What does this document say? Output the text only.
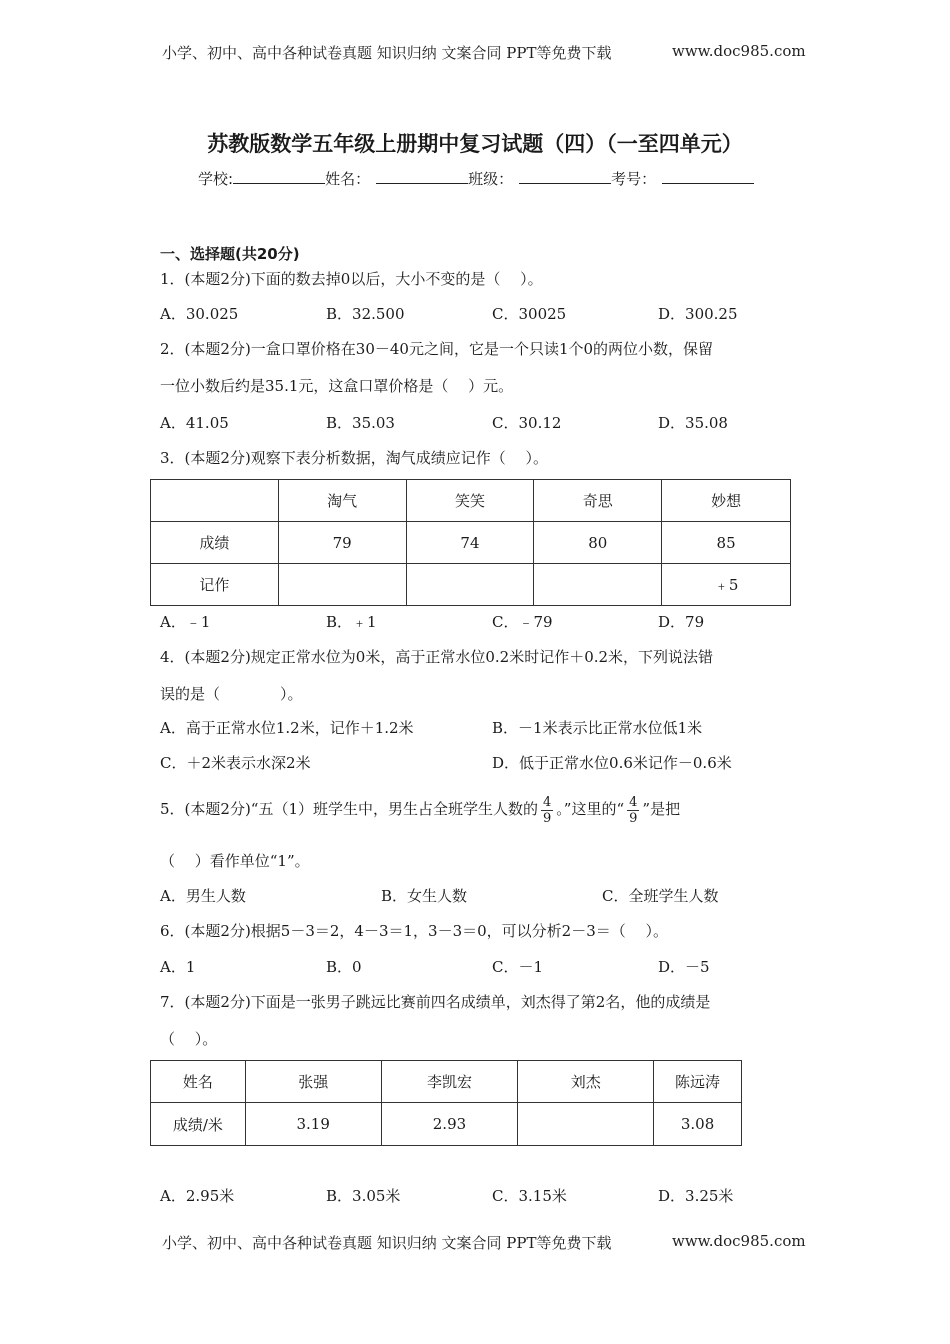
小学、初中、高中各种试卷真题 知识归纳 文案合同 PPT等免费下载	www.doc985.com
苏教版数学五年级上册期中复习试题（四）（一至四单元）
学校:	姓名：	班级：	考号：
一、选择题(共20分)
1．(本题2分)下面的数去掉0以后，大小不变的是（　 ）。
A．30.025	B．32.500	C．30025	D．300.25
2．(本题2分)一盒口罩价格在30－40元之间，它是一个只读1个0的两位小数，保留
一位小数后约是35.1元，这盒口罩价格是（　 ）元。
A．41.05	B．35.03	C．30.12	D．35.08
3．(本题2分)观察下表分析数据，淘气成绩应记作（　 ）。
	淘气	笑笑	奇思	妙想
成绩	79	74	80	85
记作				﹢5
A．﹣1	B．﹢1	C．﹣79	D．79
4．(本题2分)规定正常水位为0米，高于正常水位0.2米时记作＋0.2米，下列说法错
误的是（　　　　）。
A．高于正常水位1.2米，记作＋1.2米	B．－1米表示比正常水位低1米
C．＋2米表示水深2米	D．低于正常水位0.6米记作－0.6米
5．(本题2分)“五（1）班学生中，男生占全班学生人数的 $\frac{4}{9}$ 。”这里的“ $\frac{4}{9}$ ”是把
（　 ）看作单位“1”。
A．男生人数	B．女生人数	C．全班学生人数
6．(本题2分)根据5－3＝2，4－3＝1，3－3＝0，可以分析2－3＝（　 ）。
A．1	B．0	C．－1	D．－5
7．(本题2分)下面是一张男子跳远比赛前四名成绩单，刘杰得了第2名，他的成绩是
（　 ）。
姓名	张强	李凯宏	刘杰	陈远涛
成绩/米	3.19	2.93		3.08
A．2.95米	B．3.05米	C．3.15米	D．3.25米
小学、初中、高中各种试卷真题 知识归纳 文案合同 PPT等免费下载	www.doc985.com
